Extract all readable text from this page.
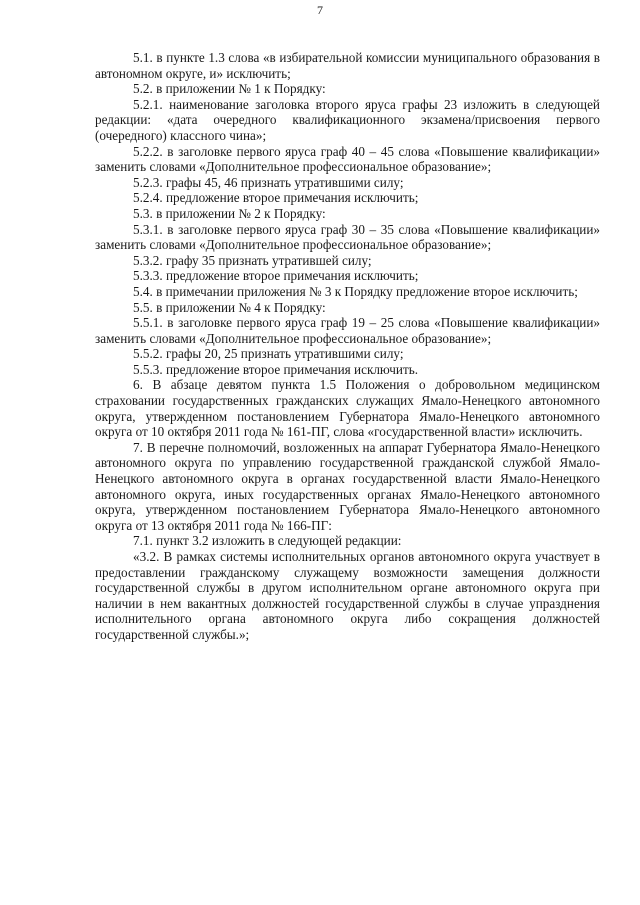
7

5.1. в пункте 1.3 слова «в избирательной комиссии муниципального образования в автономном округе, и» исключить;

5.2. в приложении № 1 к Порядку:

5.2.1. наименование заголовка второго яруса графы 23 изложить в следующей редакции: «дата очередного квалификационного экзамена/присвоения первого (очередного) классного чина»;

5.2.2. в заголовке первого яруса граф 40 – 45 слова «Повышение квалификации» заменить словами «Дополнительное профессиональное образование»;

5.2.3. графы 45, 46 признать утратившими силу;

5.2.4. предложение второе примечания исключить;

5.3. в приложении № 2 к Порядку:

5.3.1. в заголовке первого яруса граф 30 – 35 слова «Повышение квалификации» заменить словами «Дополнительное профессиональное образование»;

5.3.2. графу 35 признать утратившей силу;

5.3.3. предложение второе примечания исключить;

5.4. в примечании приложения № 3 к Порядку предложение второе исключить;

5.5. в приложении № 4 к Порядку:

5.5.1. в заголовке первого яруса граф 19 – 25 слова «Повышение квалификации» заменить словами «Дополнительное профессиональное образование»;

5.5.2. графы 20, 25 признать утратившими силу;

5.5.3. предложение второе примечания исключить.

6. В абзаце девятом пункта 1.5 Положения о добровольном медицинском страховании государственных гражданских служащих Ямало-Ненецкого автономного округа, утвержденном постановлением Губернатора Ямало-Ненецкого автономного округа от 10 октября 2011 года № 161-ПГ, слова «государственной власти» исключить.

7. В перечне полномочий, возложенных на аппарат Губернатора Ямало-Ненецкого автономного округа по управлению государственной гражданской службой Ямало-Ненецкого автономного округа в органах государственной власти Ямало-Ненецкого автономного округа, иных государственных органах Ямало-Ненецкого автономного округа, утвержденном постановлением Губернатора Ямало-Ненецкого автономного округа от 13 октября 2011 года № 166-ПГ:

7.1. пункт 3.2 изложить в следующей редакции:

«3.2. В рамках системы исполнительных органов автономного округа участвует в предоставлении гражданскому служащему возможности замещения должности государственной службы в другом исполнительном органе автономного округа при наличии в нем вакантных должностей государственной службы в случае упразднения исполнительного органа автономного округа либо сокращения должностей государственной службы.»;
